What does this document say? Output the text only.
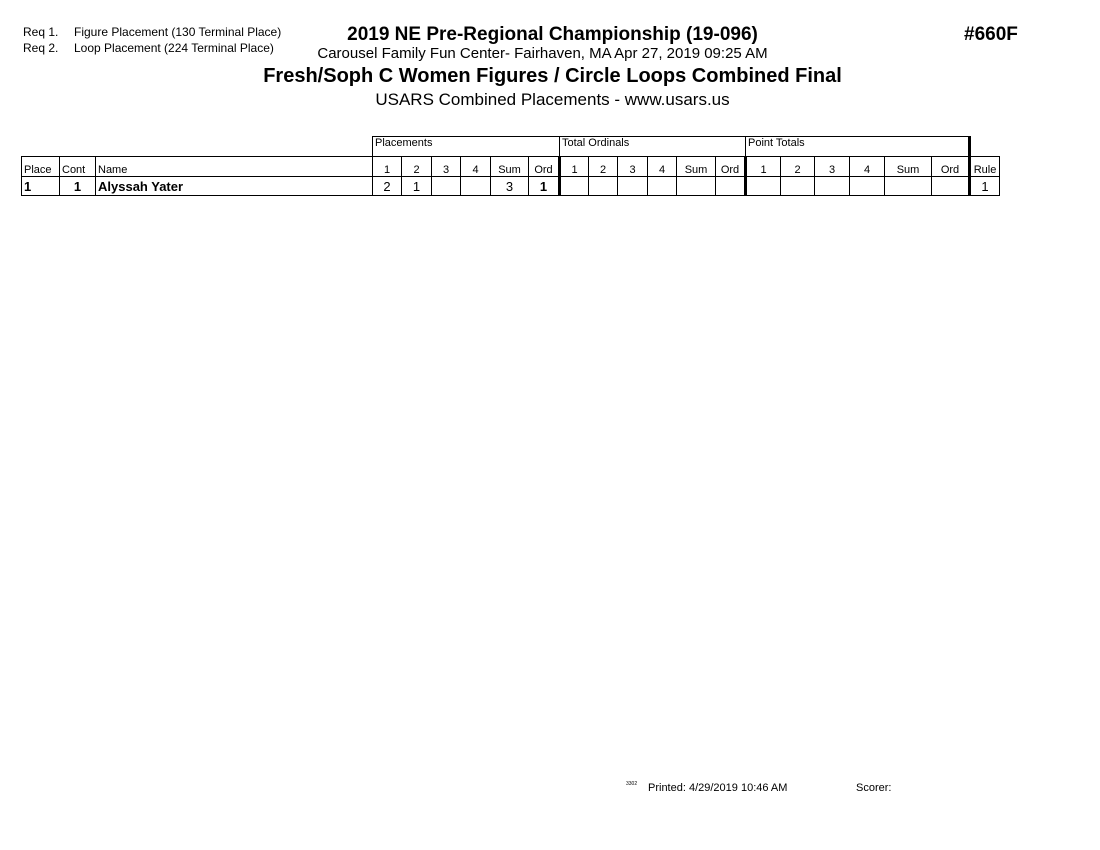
Req 1. Figure Placement (130 Terminal Place)
Req 2. Loop Placement (224 Terminal Place)
2019 NE Pre-Regional Championship (19-096)
Carousel Family Fun Center- Fairhaven, MA Apr 27, 2019 09:25 AM
#660F
Fresh/Soph C Women Figures / Circle Loops Combined Final
USARS Combined Placements - www.usars.us
			Placements						Total Ordinals						Point Totals						
Place	Cont	Name	1	2	3	4	Sum	Ord	1	2	3	4	Sum	Ord	1	2	3	4	Sum	Ord	Rule
1	1	Alyssah Yater	2	1			3	1													1
3302 Printed: 4/29/2019 10:46 AM	Scorer:
